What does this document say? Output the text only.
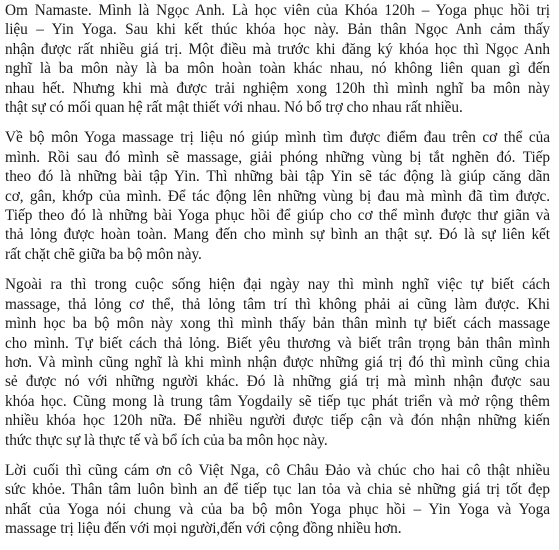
Om Namaste. Mình là Ngọc Anh. Là học viên của Khóa 120h – Yoga phục hồi trị
liệu – Yin Yoga. Sau khi kết thúc khóa học này. Bản thân Ngọc Anh cảm thấy
nhận được rất nhiều giá trị. Một điều mà trước khi đăng ký khóa học thì Ngọc Anh
nghĩ là ba môn này là ba môn hoàn toàn khác nhau, nó không liên quan gì đến
nhau hết. Nhưng khi mà được trải nghiệm xong 120h thì mình nghĩ ba môn này
thật sự có mối quan hệ rất mật thiết với nhau. Nó bổ trợ cho nhau rất nhiều.
Về bộ môn Yoga massage trị liệu nó giúp mình tìm được điểm đau trên cơ thể của
mình. Rồi sau đó mình sẽ massage, giải phóng những vùng bị tắt nghẽn đó. Tiếp
theo đó là những bài tập Yin. Thì những bài tập Yin sẽ tác động là giúp căng dãn
cơ, gân, khớp của mình. Để tác động lên những vùng bị đau mà mình đã tìm được.
Tiếp theo đó là những bài Yoga phục hồi để giúp cho cơ thể mình được thư giãn và
thả lỏng được hoàn toàn. Mang đến cho mình sự bình an thật sự. Đó là sự liên kết
rất chặt chẽ giữa ba bộ môn này.
Ngoài ra thì trong cuộc sống hiện đại ngày nay thì mình nghĩ việc tự biết cách
massage, thả lỏng cơ thể, thả lỏng tâm trí thì không phải ai cũng làm được. Khi
mình học ba bộ môn này xong thì mình thấy bản thân mình tự biết cách massage
cho mình. Tự biết cách thả lỏng. Biết yêu thương và biết trân trọng bản thân mình
hơn. Và mình cũng nghĩ là khi mình nhận được những giá trị đó thì mình cũng chia
sẻ được nó với những người khác. Đó là những giá trị mà mình nhận được sau
khóa học. Cũng mong là trung tâm Yogdaily sẽ tiếp tục phát triển và mở rộng thêm
nhiều khóa học 120h nữa. Để nhiều người được tiếp cận và đón nhận những kiến
thức thực sự là thực tế và bổ ích của ba môn học này.
Lời cuối thì cũng cám ơn cô Việt Nga, cô Châu Đảo và chúc cho hai cô thật nhiều
sức khỏe. Thân tâm luôn bình an để tiếp tục lan tỏa và chia sẻ những giá trị tốt đẹp
nhất của Yoga nói chung và của ba bộ môn Yoga phục hồi – Yin Yoga và Yoga
massage trị liệu đến với mọi người,đến với cộng đồng nhiều hơn.
